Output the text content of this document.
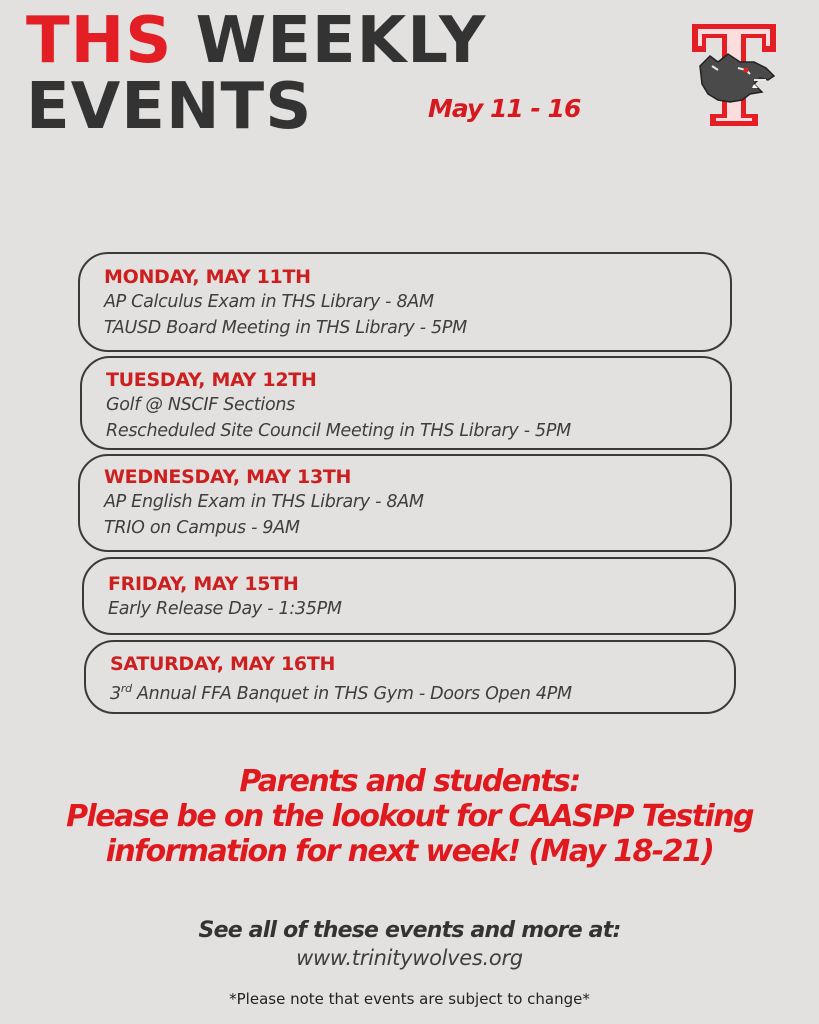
THS WEEKLY
EVENTS	May 11 - 16
MONDAY, MAY 11TH
AP Calculus Exam in THS Library - 8AM
TAUSD Board Meeting in THS Library - 5PM
TUESDAY, MAY 12TH
Golf @ NSCIF Sections
Rescheduled Site Council Meeting in THS Library - 5PM
WEDNESDAY, MAY 13TH
AP English Exam in THS Library - 8AM
TRIO on Campus - 9AM
FRIDAY, MAY 15TH
Early Release Day - 1:35PM
SATURDAY, MAY 16TH
3rd Annual FFA Banquet in THS Gym - Doors Open 4PM
Parents and students:
Please be on the lookout for CAASPP Testing
information for next week! (May 18-21)
See all of these events and more at:
www.trinitywolves.org
*Please note that events are subject to change*
